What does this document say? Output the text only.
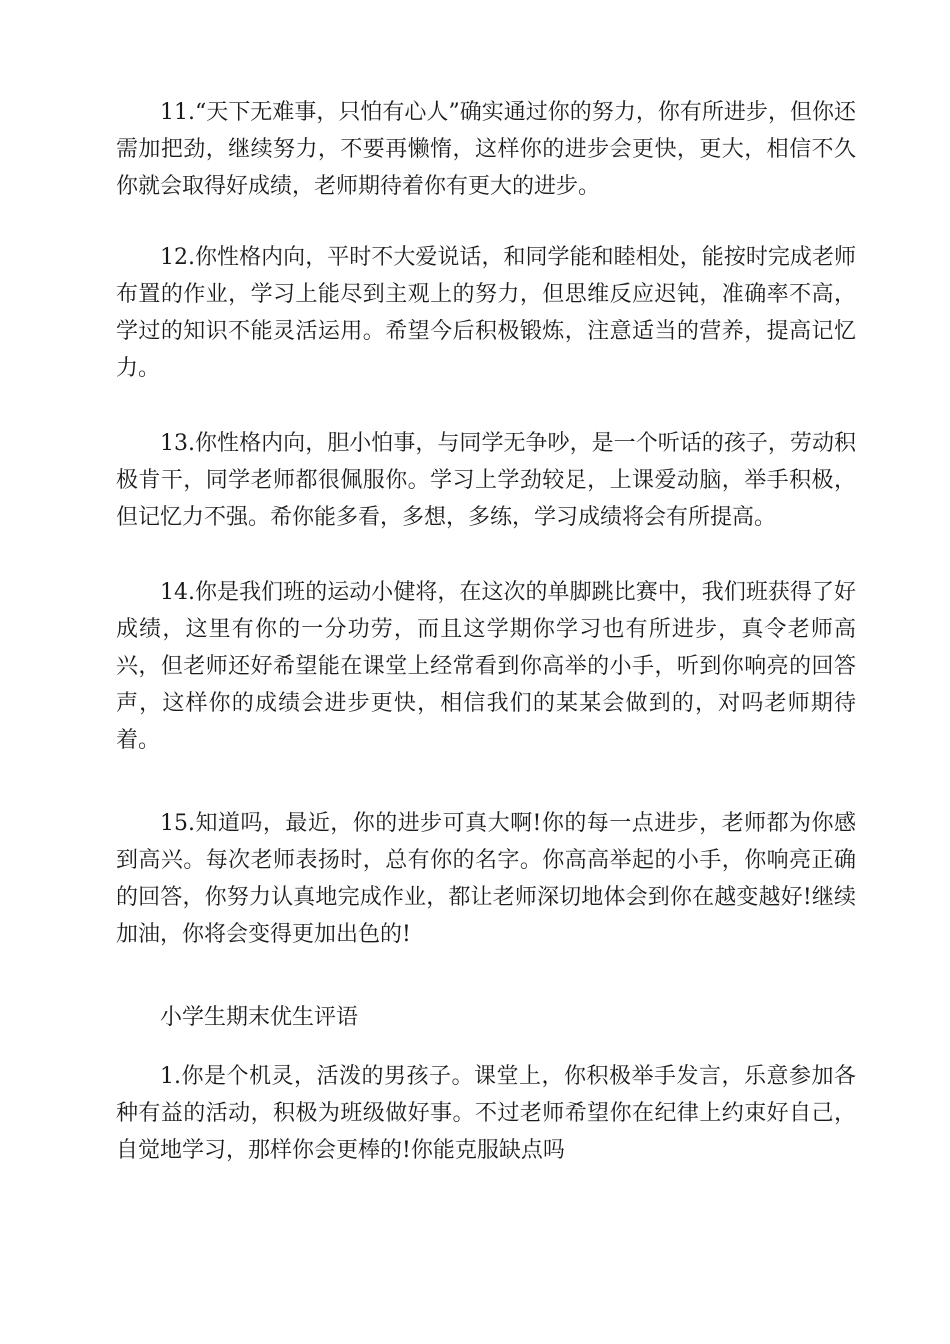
11.“天下无难事，只怕有心人”确实通过你的努力，你有所进步，但你还需加把劲，继续努力，不要再懒惰，这样你的进步会更快，更大，相信不久你就会取得好成绩，老师期待着你有更大的进步。

12.你性格内向，平时不大爱说话，和同学能和睦相处，能按时完成老师布置的作业，学习上能尽到主观上的努力，但思维反应迟钝，准确率不高，学过的知识不能灵活运用。希望今后积极锻炼，注意适当的营养，提高记忆力。

13.你性格内向，胆小怕事，与同学无争吵，是一个听话的孩子，劳动积极肯干，同学老师都很佩服你。学习上学劲较足，上课爱动脑，举手积极，但记忆力不强。希你能多看，多想，多练，学习成绩将会有所提高。

14.你是我们班的运动小健将，在这次的单脚跳比赛中，我们班获得了好成绩，这里有你的一分功劳，而且这学期你学习也有所进步，真令老师高兴，但老师还好希望能在课堂上经常看到你高举的小手，听到你响亮的回答声，这样你的成绩会进步更快，相信我们的某某会做到的，对吗老师期待着。

15.知道吗，最近，你的进步可真大啊!你的每一点进步，老师都为你感到高兴。每次老师表扬时，总有你的名字。你高高举起的小手，你响亮正确的回答，你努力认真地完成作业，都让老师深切地体会到你在越变越好!继续加油，你将会变得更加出色的!

小学生期末优生评语

1.你是个机灵，活泼的男孩子。课堂上，你积极举手发言，乐意参加各种有益的活动，积极为班级做好事。不过老师希望你在纪律上约束好自己，自觉地学习，那样你会更棒的!你能克服缺点吗
